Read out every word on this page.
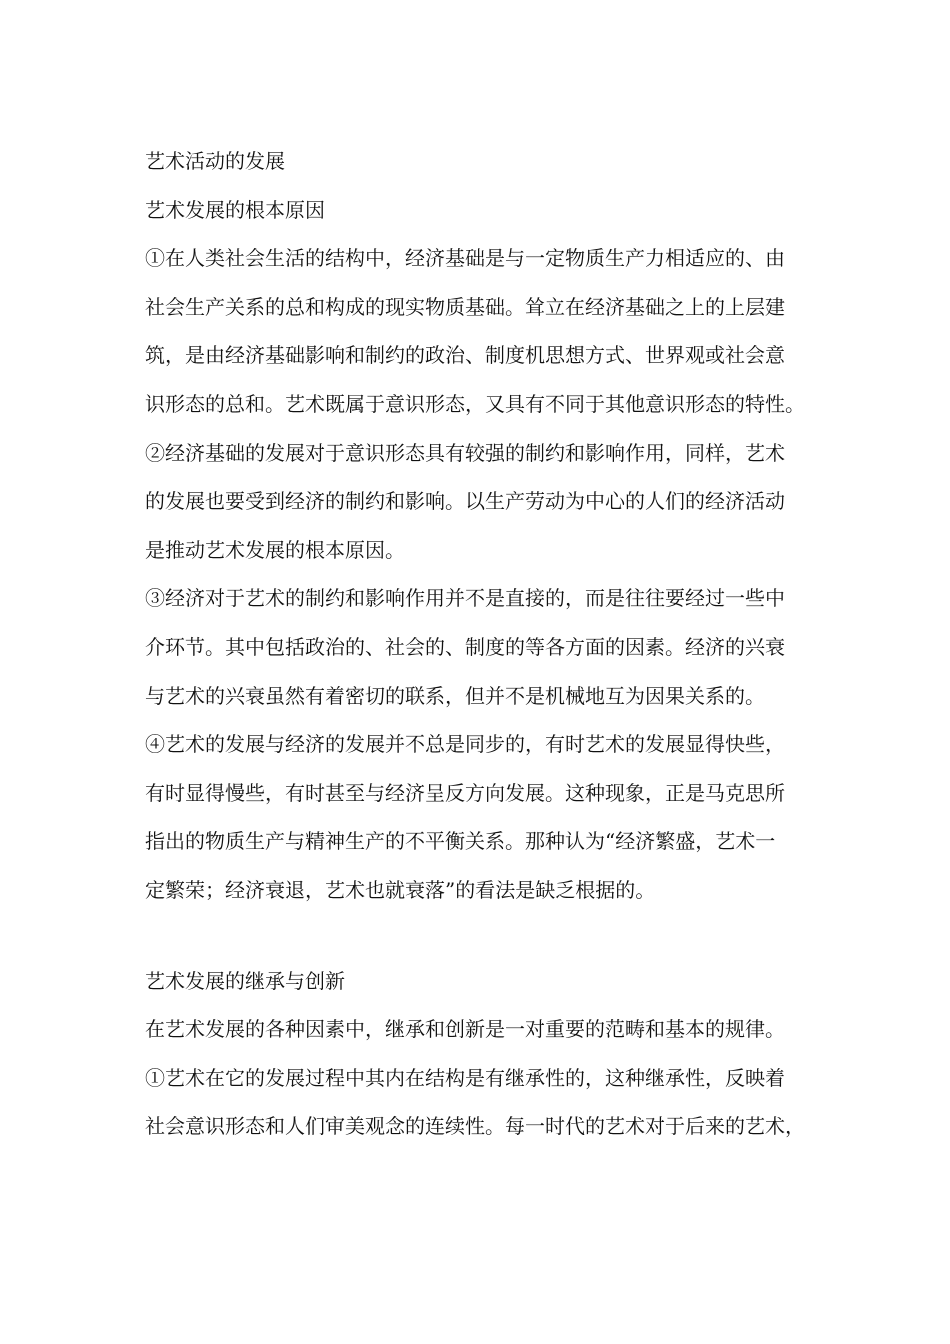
艺术活动的发展
艺术发展的根本原因
①在人类社会生活的结构中，经济基础是与一定物质生产力相适应的、由
社会生产关系的总和构成的现实物质基础。耸立在经济基础之上的上层建
筑，是由经济基础影响和制约的政治、制度机思想方式、世界观或社会意
识形态的总和。艺术既属于意识形态，又具有不同于其他意识形态的特性。
②经济基础的发展对于意识形态具有较强的制约和影响作用，同样，艺术
的发展也要受到经济的制约和影响。以生产劳动为中心的人们的经济活动
是推动艺术发展的根本原因。
③经济对于艺术的制约和影响作用并不是直接的，而是往往要经过一些中
介环节。其中包括政治的、社会的、制度的等各方面的因素。经济的兴衰
与艺术的兴衰虽然有着密切的联系，但并不是机械地互为因果关系的。
④艺术的发展与经济的发展并不总是同步的，有时艺术的发展显得快些，
有时显得慢些，有时甚至与经济呈反方向发展。这种现象，正是马克思所
指出的物质生产与精神生产的不平衡关系。那种认为“经济繁盛，艺术一
定繁荣；经济衰退，艺术也就衰落”的看法是缺乏根据的。
艺术发展的继承与创新
在艺术发展的各种因素中，继承和创新是一对重要的范畴和基本的规律。
①艺术在它的发展过程中其内在结构是有继承性的，这种继承性，反映着
社会意识形态和人们审美观念的连续性。每一时代的艺术对于后来的艺术，
